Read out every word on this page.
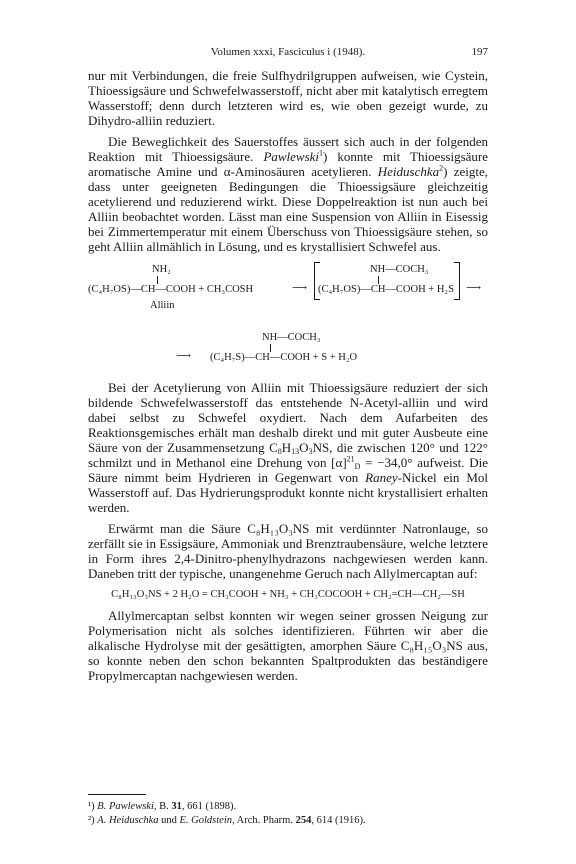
Volumen xxxi, Fasciculus i (1948).	197

nur mit Verbindungen, die freie Sulfhydrilgruppen aufweisen, wie Cystein, Thioessigsäure und Schwefelwasserstoff, nicht aber mit katalytisch erregtem Wasserstoff; denn durch letzteren wird es, wie oben gezeigt wurde, zu Dihydro-alliin reduziert.

Die Beweglichkeit des Sauerstoffes äussert sich auch in der folgenden Reaktion mit Thioessigsäure. Pawlewski$^1$) konnte mit Thioessigsäure aromatische Amine und α-Aminosäuren acetylieren. Heiduschka$^2$) zeigte, dass unter geeigneten Bedingungen die Thioessigsäure gleichzeitig acetylierend und reduzierend wirkt. Diese Doppelreaktion ist nun auch bei Alliin beobachtet worden. Lässt man eine Suspension von Alliin in Eisessig bei Zimmertemperatur mit einem Überschuss von Thioessigsäure stehen, so geht Alliin allmählich in Lösung, und es krystallisiert Schwefel aus.

NH₂
(C₄H₇OS)—CH—COOH + CH₃COSH	⟶
Alliin
NH—COCH₃
(C₄H₇OS)—CH—COOH + H₂S ⟶
NH—COCH₃
⟶ (C₄H₇S)—CH—COOH + S + H₂O

Bei der Acetylierung von Alliin mit Thioessigsäure reduziert der sich bildende Schwefelwasserstoff das entstehende N-Acetyl-alliin und wird dabei selbst zu Schwefel oxydiert. Nach dem Aufarbeiten des Reaktionsgemisches erhält man deshalb direkt und mit guter Ausbeute eine Säure von der Zusammensetzung $C_8H_{13}O_3NS$, die zwischen 120° und 122° schmilzt und in Methanol eine Drehung von $[\alpha]^{21}_D = -34,0^\circ$ aufweist. Die Säure nimmt beim Hydrieren in Gegenwart von Raney-Nickel ein Mol Wasserstoff auf. Das Hydrierungsprodukt konnte nicht krystallisiert erhalten werden.

Erwärmt man die Säure C₈H₁₃O₃NS mit verdünnter Natronlauge, so zerfällt sie in Essigsäure, Ammoniak und Brenztraubensäure, welche letztere in Form ihres 2,4-Dinitro-phenylhydrazons nachgewiesen werden kann. Daneben tritt der typische, unangenehme Geruch nach Allylmercaptan auf:

C₈H₁₃O₃NS + 2 H₂O = CH₃COOH + NH₃ + CH₃COCOOH + CH₂=CH—CH₂—SH

Allylmercaptan selbst konnten wir wegen seiner grossen Neigung zur Polymerisation nicht als solches identifizieren. Führten wir aber die alkalische Hydrolyse mit der gesättigten, amorphen Säure C₈H₁₅O₃NS aus, so konnte neben den schon bekannten Spaltprodukten das beständigere Propylmercaptan nachgewiesen werden.

¹) B. Pawlewski, B. 31, 661 (1898).
²) A. Heiduschka und E. Goldstein, Arch. Pharm. 254, 614 (1916).
